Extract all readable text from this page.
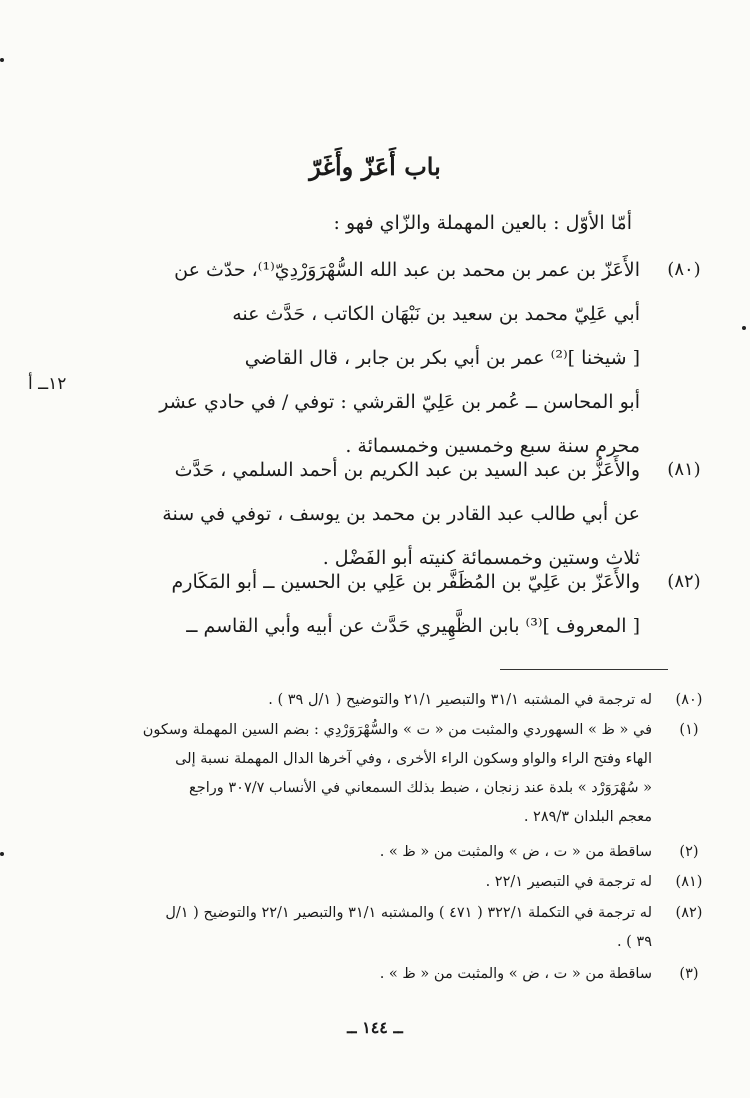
باب أَعَزّ وأَغَرّ
أمّا الأوّل : بالعين المهملة والزّاي فهو :
(٨٠)
الأَعَزّ بن عمر بن محمد بن عبد الله السُّهْرَوَرْدِيّ⁽¹⁾، حدّث عن
أبي عَلِيّ محمد بن سعيد بن نَبْهَان الكاتب ، حَدَّث عنه
[ شيخنا ]⁽²⁾ عمر بن أبي بكر بن جابر ، قال القاضي
أبو المحاسن ــ عُمر بن عَلِيّ القرشي : توفي / في حادي عشر
محرم سنة سبع وخمسين وخمسمائة .
١٢ــ أ
(٨١)
والأَعَزُّ بن عبد السيد بن عبد الكريم بن أحمد السلمي ، حَدَّث
عن أبي طالب عبد القادر بن محمد بن يوسف ، توفي في سنة
ثلاث وستين وخمسمائة كنيته أبو الفَضْل .
(٨٢)
والأَعَزّ بن عَلِيّ بن المُظَفَّر بن عَلِي بن الحسين ــ أبو المَكَارم
[ المعروف ]⁽³⁾ بابن الظَّهِيري حَدَّث عن أبيه وأبي القاسم ــ
(٨٠)
له ترجمة في المشتبه ٣١/١ والتبصير ٢١/١ والتوضيح ( ١/ل ٣٩ ) .
(١)
في « ظ » السهوردي والمثبت من « ت » والسُّهْرَوَرْدِي : بضم السين المهملة وسكون
الهاء وفتح الراء والواو وسكون الراء الأخرى ، وفي آخرها الدال المهملة نسبة إلى
« سُهْرَوَرْد » بلدة عند زنجان ، ضبط بذلك السمعاني في الأنساب ٣٠٧/٧ وراجع
معجم البلدان ٢٨٩/٣ .
(٢)
ساقطة من « ت ، ض » والمثبت من « ظ » .
(٨١)
له ترجمة في التبصير ٢٢/١ .
(٨٢)
له ترجمة في التكملة ٣٢٢/١ ( ٤٧١ ) والمشتبه ٣١/١ والتبصير ٢٢/١ والتوضيح ( ١/ل
٣٩ ) .
(٣)
ساقطة من « ت ، ض » والمثبت من « ظ » .
ــ ١٤٤ ــ
